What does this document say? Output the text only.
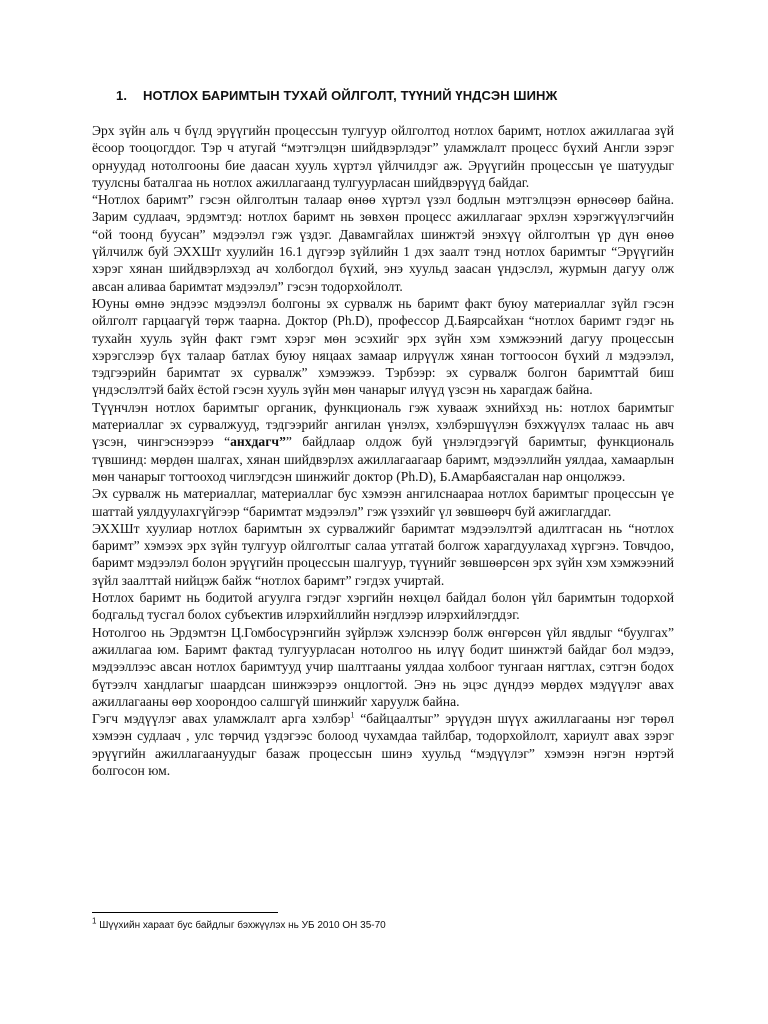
1. НОТЛОХ БАРИМТЫН ТУХАЙ ОЙЛГОЛТ, ТҮҮНИЙ ҮНДСЭН ШИНЖ

Эрх зүйн аль ч бүлд эрүүгийн процессын тулгуур ойлголтод нотлох баримт, нотлох ажиллагаа зүй ёсоор тооцогддог. Тэр ч атугай “мэтгэлцэн шийдвэрлэдэг” уламжлалт процесс бүхий Англи зэрэг орнуудад нотолгооны бие даасан хууль хүртэл үйлчилдэг аж. Эрүүгийн процессын үе шатуудыг туулсны баталгаа нь нотлох ажиллагаанд тулгуурласан шийдвэрүүд байдаг.

“Нотлох баримт” гэсэн ойлголтын талаар өнөө хүртэл үзэл бодлын мэтгэлцээн өрнөсөөр байна. Зарим судлаач, эрдэмтэд: нотлох баримт нь зөвхөн процесс ажиллагааг эрхлэн хэрэгжүүлэгчийн “ой тоонд бууcан” мэдээлэл гэж үздэг. Давамгайлах шинжтэй энэхүү ойлголтын үр дүн өнөө үйлчилж буй ЭХХШт хуулийн 16.1 дүгээр зүйлийн 1 дэх заалт тэнд нотлох баримтыг “Эрүүгийн хэрэг хянан шийдвэрлэхэд ач холбогдол бүхий, энэ хуульд заасан үндэслэл, журмын дагуу олж авсан аливаа баримтат мэдээлэл” гэсэн тодорхойлолт.

Юуны өмнө эндээс мэдээлэл болгоны эх сурвалж нь баримт факт буюу материаллаг зүйл гэсэн ойлголт гарцаагүй төрж таарна. Доктор (Ph.D), профессор Д.Баярсайхан “нотлох баримт гэдэг нь тухайн хууль зүйн факт гэмт хэрэг мөн эсэхийг эрх зүйн хэм хэмжээний дагуу процессын хэрэгслээр бүх талаар батлах буюу няцаах замаар илрүүлж хянан тогтоосон бүхий л мэдээлэл, тэдгээрийн баримтат эх сурвалж” хэмээжээ. Тэрбээр: эх сурвалж болгон баримттай биш үндэслэлтэй байх ёстой гэсэн хууль зүйн мөн чанарыг илүүд үзсэн нь харагдаж байна.

Түүнчлэн нотлох баримтыг органик, функциональ гэж хувааж эхнийхэд нь: нотлох баримтыг материаллаг эх сурвалжууд, тэдгээрийг ангилан үнэлэх, хэлбэршүүлэн бэхжүүлэх талаас нь авч үзсэн, чингэснээрээ “анхдагч”” байдлаар олдож буй үнэлэгдээгүй баримтыг, функциональ түвшинд: мөрдөн шалгах, хянан шийдвэрлэх ажиллагаагаар баримт, мэдээллийн уялдаа, хамаарлын мөн чанарыг тогтооход чиглэгдсэн шинжийг доктор (Ph.D), Б.Амарбаясгалан нар онцолжээ.

Эх сурвалж нь материаллаг, материаллаг бус хэмээн ангилснаараа нотлох баримтыг процессын үе шаттай уялдуулахгүйгээр “баримтат мэдээлэл” гэж үзэхийг үл зөвшөөрч буй ажиглагддаг.

ЭХХШт хуулиар нотлох баримтын эх сурвалжийг баримтат мэдээлэлтэй адилтгасан нь “нотлох баримт” хэмээх эрх зүйн тулгуур ойлголтыг салаа утгатай болгож харагдуулахад хүргэнэ. Товчдоо, баримт мэдээлэл болон эрүүгийн процессын шалгуур, түүнийг зөвшөөрсөн эрх зүйн хэм хэмжээний зүйл заалттай нийцэж байж “нотлох баримт” гэгдэх учиртай.

Нотлох баримт нь бодитой агуулга гэгдэг хэргийн нөхцөл байдал болон үйл баримтын тодорхой бодгальд тусгал болох субъектив илэрхийллийн нэгдлээр илэрхийлэгддэг.

Нотолгоо нь Эрдэмтэн Ц.Гомбосүрэнгийн зүйрлэж хэлснээр болж өнгөрсөн үйл явдлыг “буулгах” ажиллагаа юм. Баримт фактад тулгуурласан нотолгоо нь илүү бодит шинжтэй байдаг бол мэдээ, мэдээллээс авсан нотлох баримтууд учир шалтгааны уялдаа холбоог тунгаан нягтлах, сэтгэн бодох бүтээлч хандлагыг шаардсан шинжээрээ онцлогтой. Энэ нь эцэс дүндээ мөрдөх мэдүүлэг авах ажиллагааны өөр хоорондоо салшгүй шинжийг харуулж байна.

Гэгч мэдүүлэг авах уламжлалт арга хэлбэр$^1$ “байцаалтыг” эрүүдэн шүүх ажиллагааны нэг төрөл хэмээн судлаач , улс төрчид үздэгээс болоод чухамдаа тайлбар, тодорхойлолт, хариулт авах зэрэг эрүүгийн ажиллагаануудыг базаж процессын шинэ хуульд “мэдүүлэг” хэмээн нэгэн нэртэй болгосон юм.

$^1$ Шүүхийн хараат бус байдлыг бэхжүүлэх нь УБ 2010 ОН 35-70
